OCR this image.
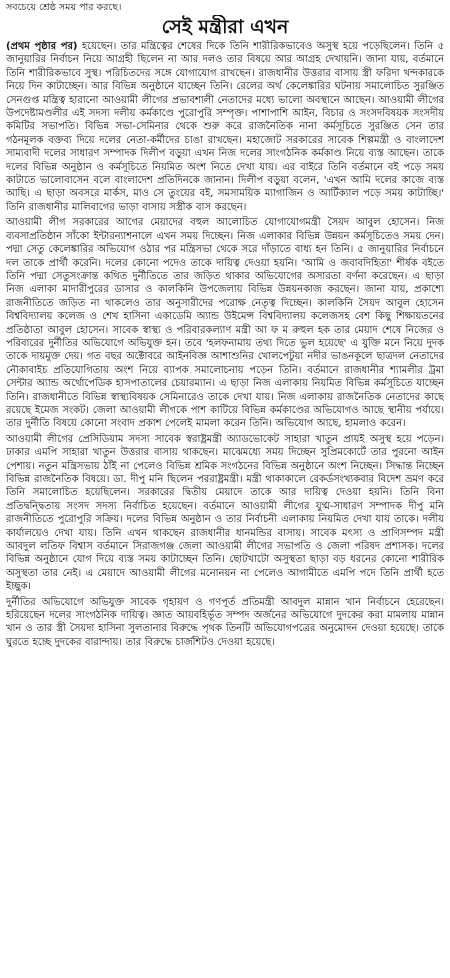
সবচেয়ে শ্রেষ্ঠ সময় পার করছে।
সেই মন্ত্রীরা এখন

(প্রথম পৃষ্ঠার পর) হয়েছেন। তার মন্ত্রিত্বের শেষের দিকে তিনি শারীরিকভাবেও অসুস্থ হয়ে পড়েছিলেন। তিনি ৫ জানুয়ারির নির্বাচন নিয়ে আগ্রহী ছিলেন না আর দলও তার বিষয়ে আর আগ্রহ দেখায়নি। জানা যায়, বর্তমানে তিনি শারীরিকভাবে সুস্থ। পরিচিতদের সঙ্গে যোগাযোগ রাখছেন। রাজধানীর উত্তরার বাসায় স্ত্রী ফরিদা খন্দকারকে নিয়ে দিন কাটাচ্ছেন। আর বিভিন্ন অনুষ্ঠানে যাচ্ছেন তিনি। রেলের অর্থ কেলেঙ্কারির ঘটনায় সমালোচিত সুরঞ্জিত সেনগুপ্ত মন্ত্রিত্ব হারানো আওয়ামী লীগের প্রভাবশালী নেতাদের মধ্যে ভালো অবস্থানে আছেন। আওয়ামী লীগের উপদেষ্টামণ্ডলীর এই সদস্য দলীয় কর্মকাণ্ডে পুরোপুরি সম্পৃক্ত। পাশাপাশি আইন, বিচার ও সংসদবিষয়ক সংসদীয় কমিটির সভাপতি। বিভিন্ন সভা-সেমিনার থেকে শুরু করে রাজনৈতিক নানা কর্মসূচিতে সুরঞ্জিত সেন তার গঠনমূলক বক্তব্য দিয়ে দলের নেতা-কর্মীদের চাঙা রাখছেন। মহাজোট সরকারের সাবেক শিল্পমন্ত্রী ও বাংলাদেশ সাম্যবাদী দলের সাধারণ সম্পাদক দিলীপ বড়ুয়া এখন নিজ দলের সাংগঠনিক কর্মকাণ্ড নিয়ে ব্যস্ত আছেন। তাকে দলের বিভিন্ন অনুষ্ঠান ও কর্মসূচিতে নিয়মিত অংশ নিতে দেখা যায়। এর বাইরে তিনি বর্তমানে বই পড়ে সময় কাটাতে ভালোবাসেন বলে বাংলাদেশ প্রতিদিনকে জানান। দিলীপ বড়ুয়া বলেন, 'এখন আমি দলের কাজে ব্যস্ত আছি। এ ছাড়া অবসরে মার্কস, মাও সে তুংয়ের বই, সমসাময়িক ম্যাগাজিন ও আর্টিক্যাল পড়ে সময় কাটাচ্ছি।' তিনি রাজধানীর মালিবাগের ভাড়া বাসায় সস্ত্রীক বাস করছেন।

আওয়ামী লীগ সরকারের আগের মেয়াদের বহুল আলোচিত যোগাযোগমন্ত্রী সৈয়দ আবুল হোসেন। নিজ ব্যবসাপ্রতিষ্ঠান সাঁকো ইন্টারন্যাশনালে এখন সময় দিচ্ছেন। নিজ এলাকার বিভিন্ন উন্নয়ন কর্মসূচিতেও সময় দেন। পদ্মা সেতু কেলেঙ্কারির অভিযোগ ওঠার পর মন্ত্রিসভা থেকে সরে দাঁড়াতে বাধ্য হন তিনি। ৫ জানুয়ারির নির্বাচনে দল তাকে প্রার্থী করেনি। দলের কোনো পদেও তাকে দায়িত্ব দেওয়া হয়নি। 'আমি ও জবাবদিহিতা' শীর্ষক বইতে তিনি পদ্মা সেতুসংক্রান্ত কথিত দুর্নীতিতে তার জড়িত থাকার অভিযোগের অসারতা বর্ণনা করেছেন। এ ছাড়া নিজ এলাকা মাদারীপুরের ডাসার ও কালকিনি উপজেলায় বিভিন্ন উন্নয়নকাজ করছেন। জানা যায়, প্রকাশ্যে রাজনীতিতে জড়িত না থাকলেও তার অনুসারীদের পরোক্ষ নেতৃত্ব দিচ্ছেন। কালকিনি সৈয়দ আবুল হোসেন বিশ্ববিদ্যালয় কলেজ ও শেখ হাসিনা একাডেমি অ্যান্ড উইমেন্স বিশ্ববিদ্যালয় কলেজসহ বেশ কিছু শিক্ষায়তনের প্রতিষ্ঠাতা আবুল হোসেন। সাবেক স্বাস্থ্য ও পরিবারকল্যাণ মন্ত্রী আ ফ ম রুহুল হক তার মেয়াদ শেষে নিজের ও পরিবারের দুর্নীতির অভিযোগে অভিযুক্ত হন। তবে 'হলফনামায় তথ্য দিতে ভুল হয়েছে' এ যুক্তি মনে নিয়ে দুদক তাকে দায়মুক্ত দেয়। গত বছর অক্টোবরে আইনবিজ্ঞ আশাশুনির খোলপেটুয়া নদীর ভাঙনকূলে ছাত্রদল নেতাদের নৌকাবাইচ প্রতিযোগিতায় অংশ নিয়ে ব্যাপক সমালোচনায় পড়েন তিনি। বর্তমানে রাজধানীর শ্যামলীর ট্রমা সেন্টার অ্যান্ড অর্থোপেডিক হাসপাতালের চেয়ারম্যান। এ ছাড়া নিজ এলাকায় নিয়মিত বিভিন্ন কর্মসূচিতে যাচ্ছেন তিনি। রাজধানীতে বিভিন্ন স্বাস্থ্যবিষয়ক সেমিনারেও তাকে দেখা যায়। নিজ এলাকায় রাজনৈতিক নেতাদের কাছে রয়েছে ইমেজ সংকট। জেলা আওয়ামী লীগকে পাশ কাটিয়ে বিভিন্ন কর্মকাণ্ডের অভিযোগও আছে স্থানীয় পর্যায়ে। তার দুর্নীতি বিষয়ে কোনো সংবাদ প্রকাশ পেলেই মামলা করেন তিনি। অভিযোগ আছে, হামলাও করেন।

আওয়ামী লীগের প্রেসিডিয়াম সদস্য সাবেক স্বরাষ্ট্রমন্ত্রী অ্যাডভোকেট সাহারা খাতুন প্রায়ই অসুস্থ হয়ে পড়েন। ঢাকার এমপি সাহারা খাতুন উত্তরার বাসায় থাকছেন। মাঝেমধ্যে সময় দিচ্ছেন সুপ্রিমকোর্টে তার পুরনো আইন পেশায়। নতুন মন্ত্রিসভায় ঠাঁই না পেলেও বিভিন্ন শ্রমিক সংগঠনের বিভিন্ন অনুষ্ঠানে অংশ নিচ্ছেন। সিদ্ধান্ত নিচ্ছেন বিভিন্ন রাজনৈতিক বিষয়ে। ডা. দীপু মনি ছিলেন পররাষ্ট্রমন্ত্রী। মন্ত্রী থাকাকালে রেকর্ডসংখ্যকবার বিদেশ ভ্রমণ করে তিনি সমালোচিত হয়েছিলেন। সরকারের দ্বিতীয় মেয়াদে তাকে আর দায়িত্ব দেওয়া হয়নি। তিনি বিনা প্রতিদ্বন্দ্বিতায় সংসদ সদস্য নির্বাচিত হয়েছেন। বর্তমানে আওয়ামী লীগের যুগ্ম-সাধারণ সম্পাদক দীপু মনি রাজনীতিতে পুরোপুরি সক্রিয়। দলের বিভিন্ন অনুষ্ঠান ও তার নির্বাচনী এলাকায় নিয়মিত দেখা যায় তাকে। দলীয় কার্যালয়েও দেখা যায়। তিনি এখন থাকছেন রাজধানীর ধানমন্ডির বাসায়। সাবেক মৎস্য ও প্রাণিসম্পদ মন্ত্রী আবদুল লতিফ বিশ্বাস বর্তমানে সিরাজগঞ্জ জেলা আওয়ামী লীগের সভাপতি ও জেলা পরিষদ প্রশাসক। দলের বিভিন্ন অনুষ্ঠানে যোগ দিয়ে ব্যস্ত সময় কাটাচ্ছেন তিনি। ছোটখাটো অসুস্থতা ছাড়া বড় ধরনের কোনো শারীরিক অসুস্থতা তার নেই। এ মেয়াদে আওয়ামী লীগের মনোনয়ন না পেলেও আগামীতে এমপি পদে তিনি প্রার্থী হতে ইচ্ছুক।

দুর্নীতির অভিযোগে অভিযুক্ত সাবেক গৃহায়ণ ও গণপূর্ত প্রতিমন্ত্রী আবদুল মান্নান খান নির্বাচনে হেরেছেন। হরিয়েছেন দলের সাংগঠনিক দায়িত্ব। জ্ঞাত আয়বহির্ভূত সম্পদ অর্জনের অভিযোগে দুদকের করা মামলায় মান্নান খান ও তার স্ত্রী সৈয়দা হাসিনা সুলতানার বিরুদ্ধে পৃথক তিনটি অভিযোগপত্রের অনুমোদন দেওয়া হয়েছে। তাকে ঘুরতে হচ্ছে দুদকের বারান্দায়। তার বিরুদ্ধে চার্জশিটও দেওয়া হয়েছে।
